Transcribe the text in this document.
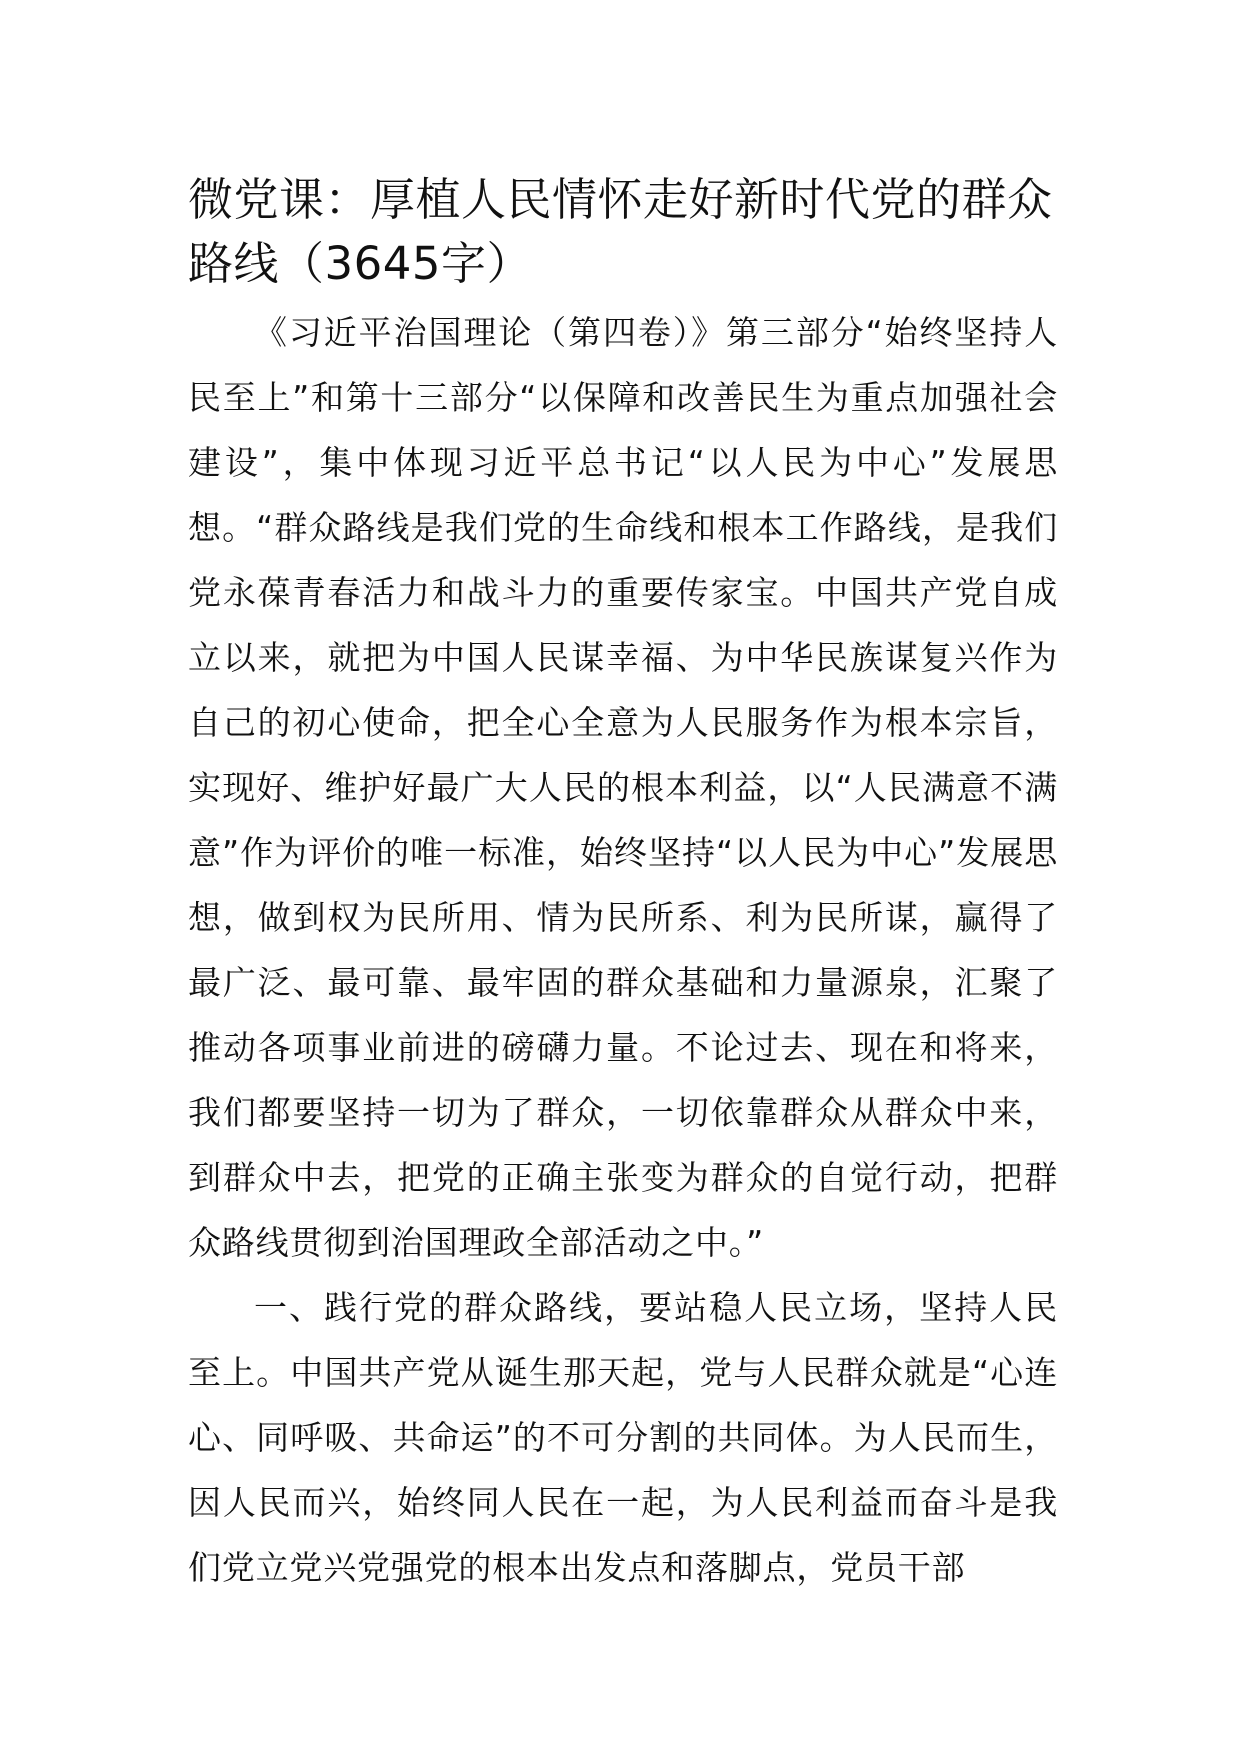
微党课：厚植人民情怀走好新时代党的群众路线（3645字）

《习近平治国理论（第四卷）》第三部分“始终坚持人民至上”和第十三部分“以保障和改善民生为重点加强社会建设”，集中体现习近平总书记“以人民为中心”发展思想。“群众路线是我们党的生命线和根本工作路线，是我们党永葆青春活力和战斗力的重要传家宝。中国共产党自成立以来，就把为中国人民谋幸福、为中华民族谋复兴作为自己的初心使命，把全心全意为人民服务作为根本宗旨，实现好、维护好最广大人民的根本利益，以“人民满意不满意”作为评价的唯一标准，始终坚持“以人民为中心”发展思想，做到权为民所用、情为民所系、利为民所谋，赢得了最广泛、最可靠、最牢固的群众基础和力量源泉，汇聚了推动各项事业前进的磅礴力量。不论过去、现在和将来，我们都要坚持一切为了群众，一切依靠群众从群众中来，到群众中去，把党的正确主张变为群众的自觉行动，把群众路线贯彻到治国理政全部活动之中。”

一、践行党的群众路线，要站稳人民立场，坚持人民至上。中国共产党从诞生那天起，党与人民群众就是“心连心、同呼吸、共命运”的不可分割的共同体。为人民而生，因人民而兴，始终同人民在一起，为人民利益而奋斗是我们党立党兴党强党的根本出发点和落脚点，党员干部
